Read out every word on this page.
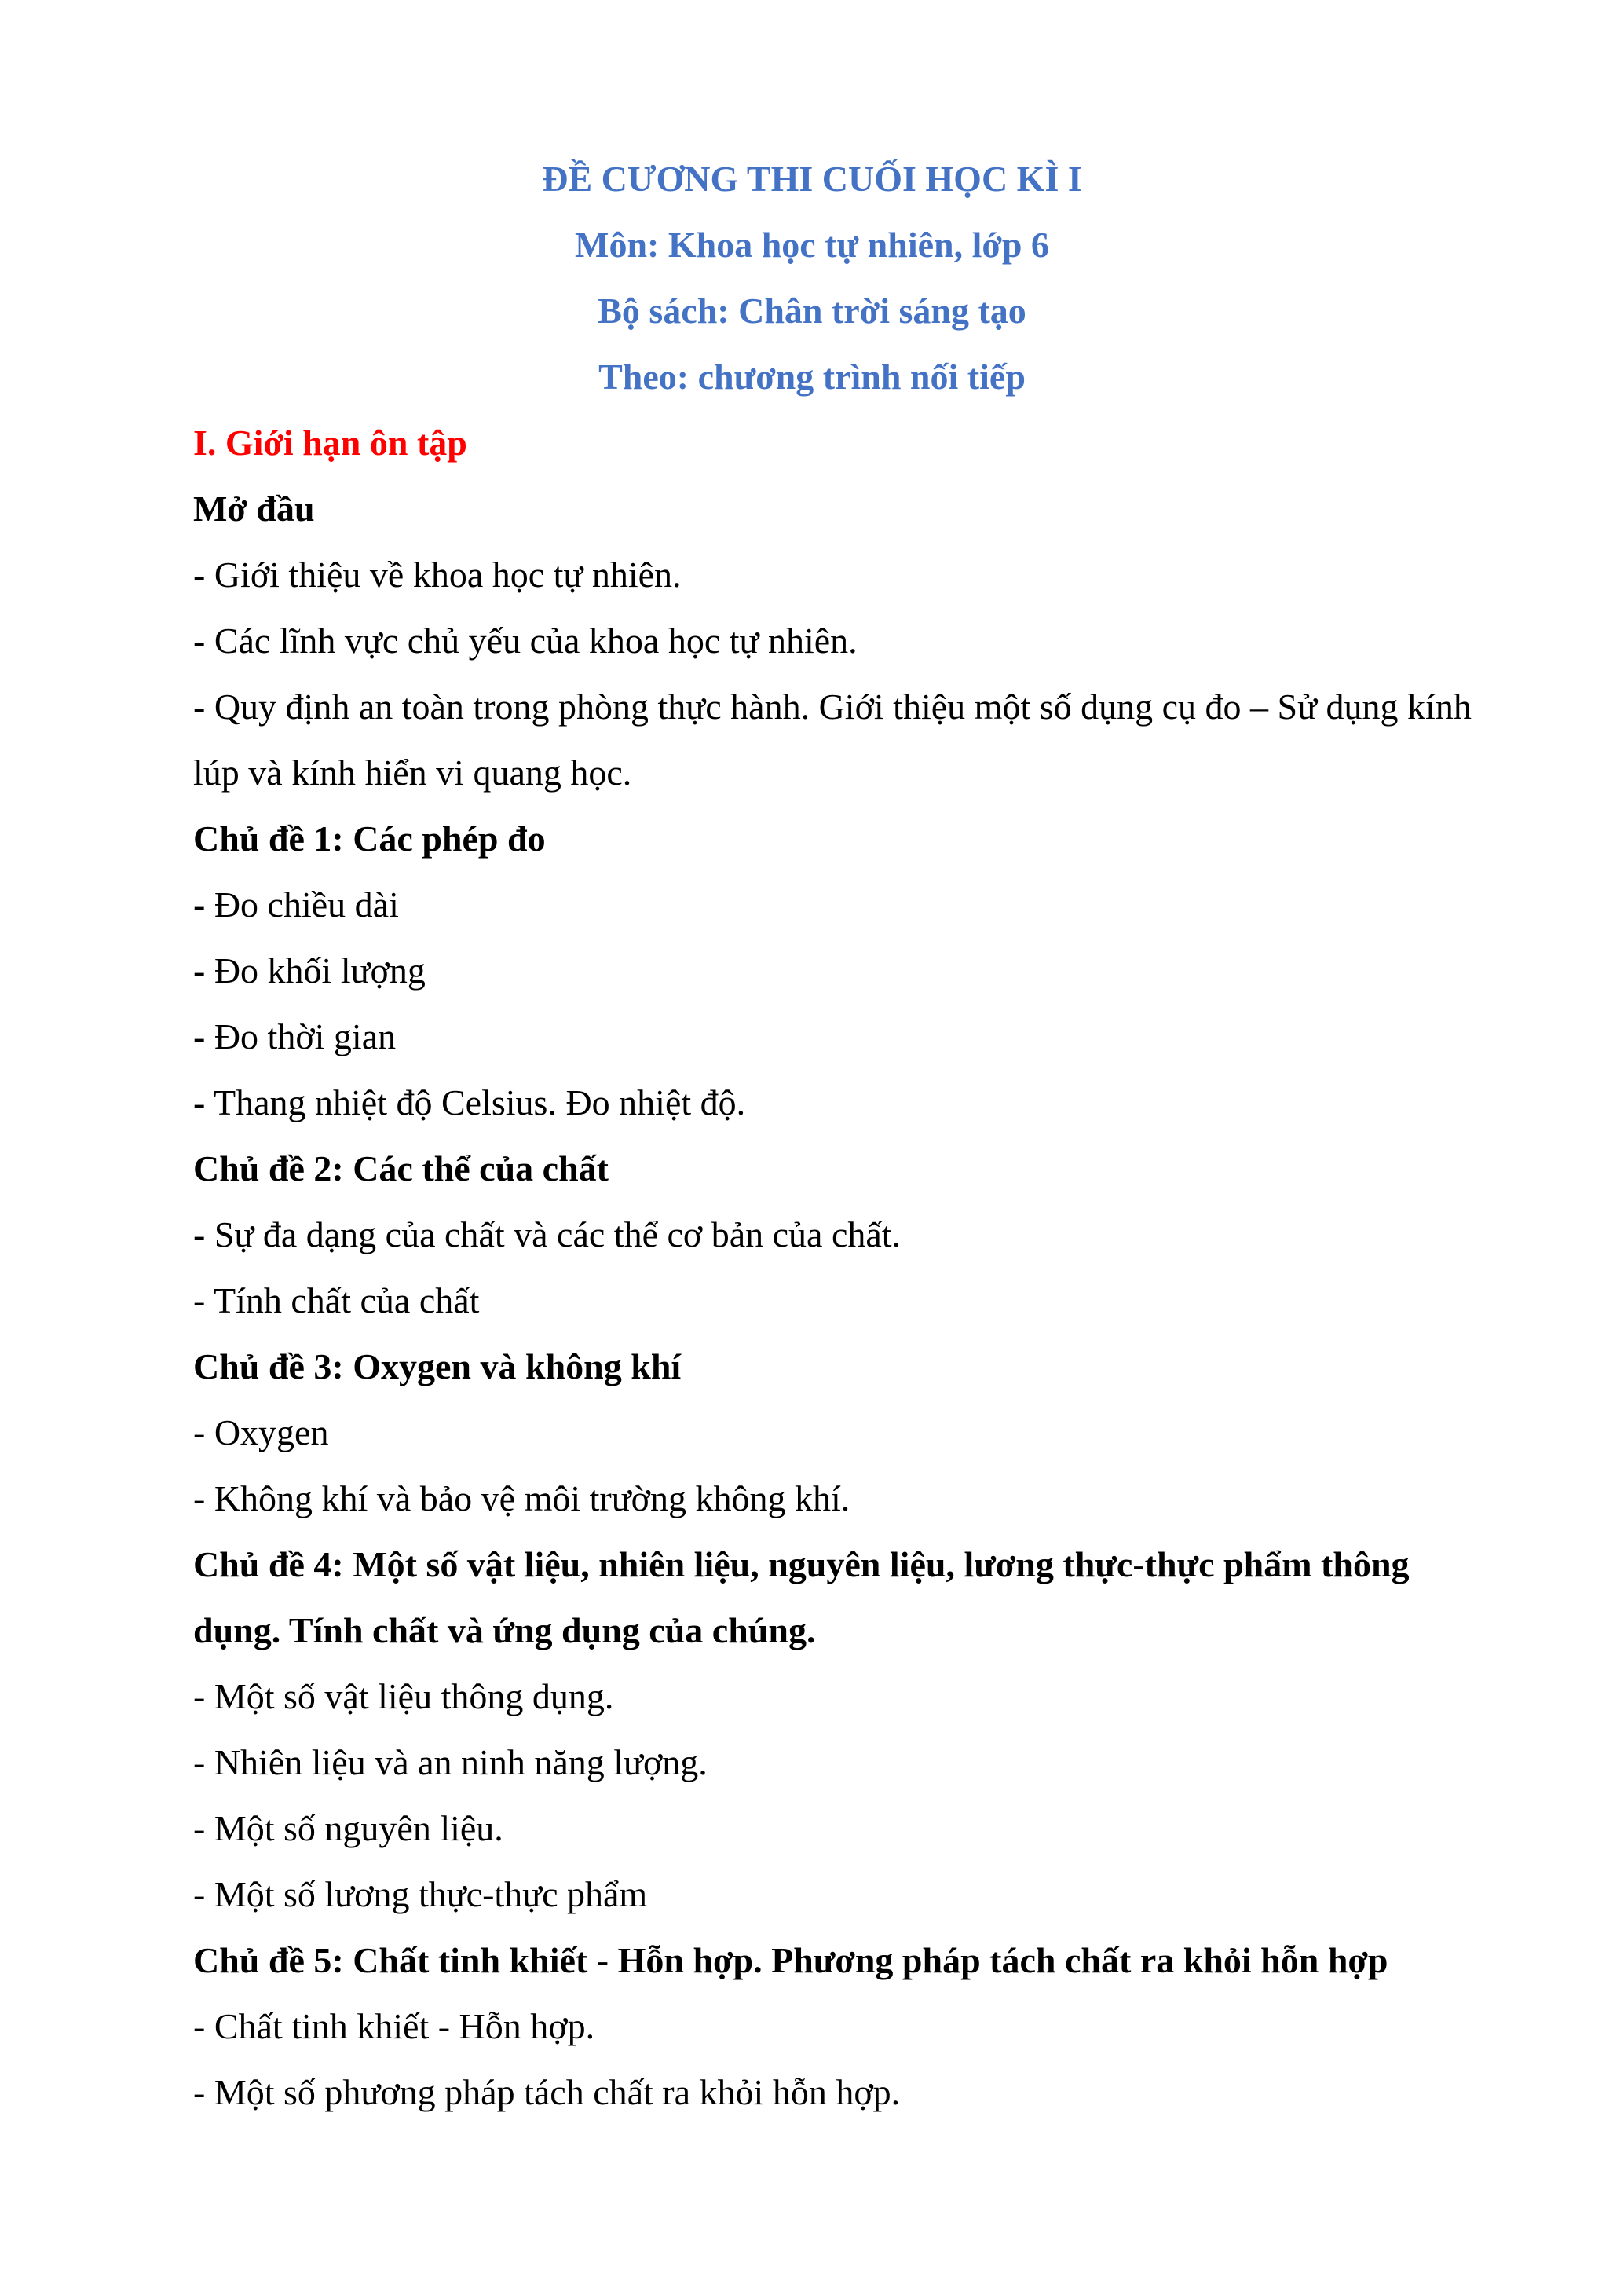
ĐỀ CƯƠNG THI CUỐI HỌC KÌ I
Môn: Khoa học tự nhiên, lớp 6
Bộ sách: Chân trời sáng tạo
Theo: chương trình nối tiếp
I. Giới hạn ôn tập
Mở đầu
- Giới thiệu về khoa học tự nhiên.
- Các lĩnh vực chủ yếu của khoa học tự nhiên.
- Quy định an toàn trong phòng thực hành. Giới thiệu một số dụng cụ đo – Sử dụng kính lúp và kính hiển vi quang học.
Chủ đề 1: Các phép đo
- Đo chiều dài
- Đo khối lượng
- Đo thời gian
- Thang nhiệt độ Celsius. Đo nhiệt độ.
Chủ đề 2: Các thể của chất
- Sự đa dạng của chất và các thể cơ bản của chất.
- Tính chất của chất
Chủ đề 3: Oxygen và không khí
- Oxygen
- Không khí và bảo vệ môi trường không khí.
Chủ đề 4: Một số vật liệu, nhiên liệu, nguyên liệu, lương thực-thực phẩm thông dụng. Tính chất và ứng dụng của chúng.
- Một số vật liệu thông dụng.
- Nhiên liệu và an ninh năng lượng.
- Một số nguyên liệu.
- Một số lương thực-thực phẩm
Chủ đề 5: Chất tinh khiết - Hỗn hợp. Phương pháp tách chất ra khỏi hỗn hợp
- Chất tinh khiết - Hỗn hợp.
- Một số phương pháp tách chất ra khỏi hỗn hợp.
